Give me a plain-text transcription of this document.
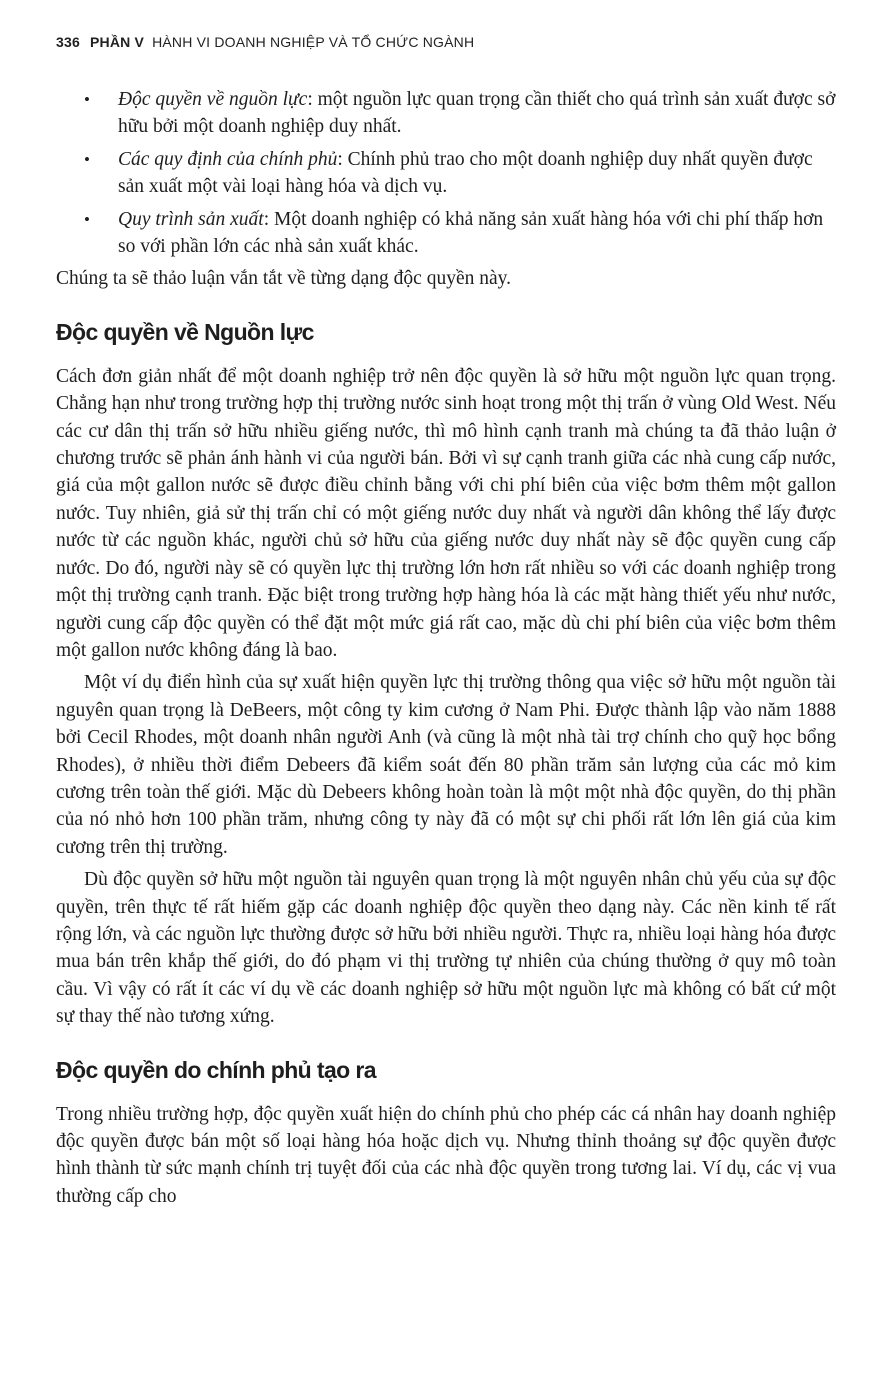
336 PHẦN V HÀNH VI DOANH NGHIỆP VÀ TỔ CHỨC NGÀNH
• Độc quyền về nguồn lực: một nguồn lực quan trọng cần thiết cho quá trình sản xuất được sở hữu bởi một doanh nghiệp duy nhất.
• Các quy định của chính phủ: Chính phủ trao cho một doanh nghiệp duy nhất quyền được sản xuất một vài loại hàng hóa và dịch vụ.
• Quy trình sản xuất: Một doanh nghiệp có khả năng sản xuất hàng hóa với chi phí thấp hơn so với phần lớn các nhà sản xuất khác.

Chúng ta sẽ thảo luận vắn tắt về từng dạng độc quyền này.

Độc quyền về Nguồn lực

Cách đơn giản nhất để một doanh nghiệp trở nên độc quyền là sở hữu một nguồn lực quan trọng. Chẳng hạn như trong trường hợp thị trường nước sinh hoạt trong một thị trấn ở vùng Old West. Nếu các cư dân thị trấn sở hữu nhiều giếng nước, thì mô hình cạnh tranh mà chúng ta đã thảo luận ở chương trước sẽ phản ánh hành vi của người bán. Bởi vì sự cạnh tranh giữa các nhà cung cấp nước, giá của một gallon nước sẽ được điều chỉnh bằng với chi phí biên của việc bơm thêm một gallon nước. Tuy nhiên, giả sử thị trấn chỉ có một giếng nước duy nhất và người dân không thể lấy được nước từ các nguồn khác, người chủ sở hữu của giếng nước duy nhất này sẽ độc quyền cung cấp nước. Do đó, người này sẽ có quyền lực thị trường lớn hơn rất nhiều so với các doanh nghiệp trong một thị trường cạnh tranh. Đặc biệt trong trường hợp hàng hóa là các mặt hàng thiết yếu như nước, người cung cấp độc quyền có thể đặt một mức giá rất cao, mặc dù chi phí biên của việc bơm thêm một gallon nước không đáng là bao.

Một ví dụ điển hình của sự xuất hiện quyền lực thị trường thông qua việc sở hữu một nguồn tài nguyên quan trọng là DeBeers, một công ty kim cương ở Nam Phi. Được thành lập vào năm 1888 bởi Cecil Rhodes, một doanh nhân người Anh (và cũng là một nhà tài trợ chính cho quỹ học bổng Rhodes), ở nhiều thời điểm Debeers đã kiểm soát đến 80 phần trăm sản lượng của các mỏ kim cương trên toàn thế giới. Mặc dù Debeers không hoàn toàn là một một nhà độc quyền, do thị phần của nó nhỏ hơn 100 phần trăm, nhưng công ty này đã có một sự chi phối rất lớn lên giá của kim cương trên thị trường.

Dù độc quyền sở hữu một nguồn tài nguyên quan trọng là một nguyên nhân chủ yếu của sự độc quyền, trên thực tế rất hiếm gặp các doanh nghiệp độc quyền theo dạng này. Các nền kinh tế rất rộng lớn, và các nguồn lực thường được sở hữu bởi nhiều người. Thực ra, nhiều loại hàng hóa được mua bán trên khắp thế giới, do đó phạm vi thị trường tự nhiên của chúng thường ở quy mô toàn cầu. Vì vậy có rất ít các ví dụ về các doanh nghiệp sở hữu một nguồn lực mà không có bất cứ một sự thay thế nào tương xứng.

Độc quyền do chính phủ tạo ra

Trong nhiều trường hợp, độc quyền xuất hiện do chính phủ cho phép các cá nhân hay doanh nghiệp độc quyền được bán một số loại hàng hóa hoặc dịch vụ. Nhưng thỉnh thoảng sự độc quyền được hình thành từ sức mạnh chính trị tuyệt đối của các nhà độc quyền trong tương lai. Ví dụ, các vị vua thường cấp cho
